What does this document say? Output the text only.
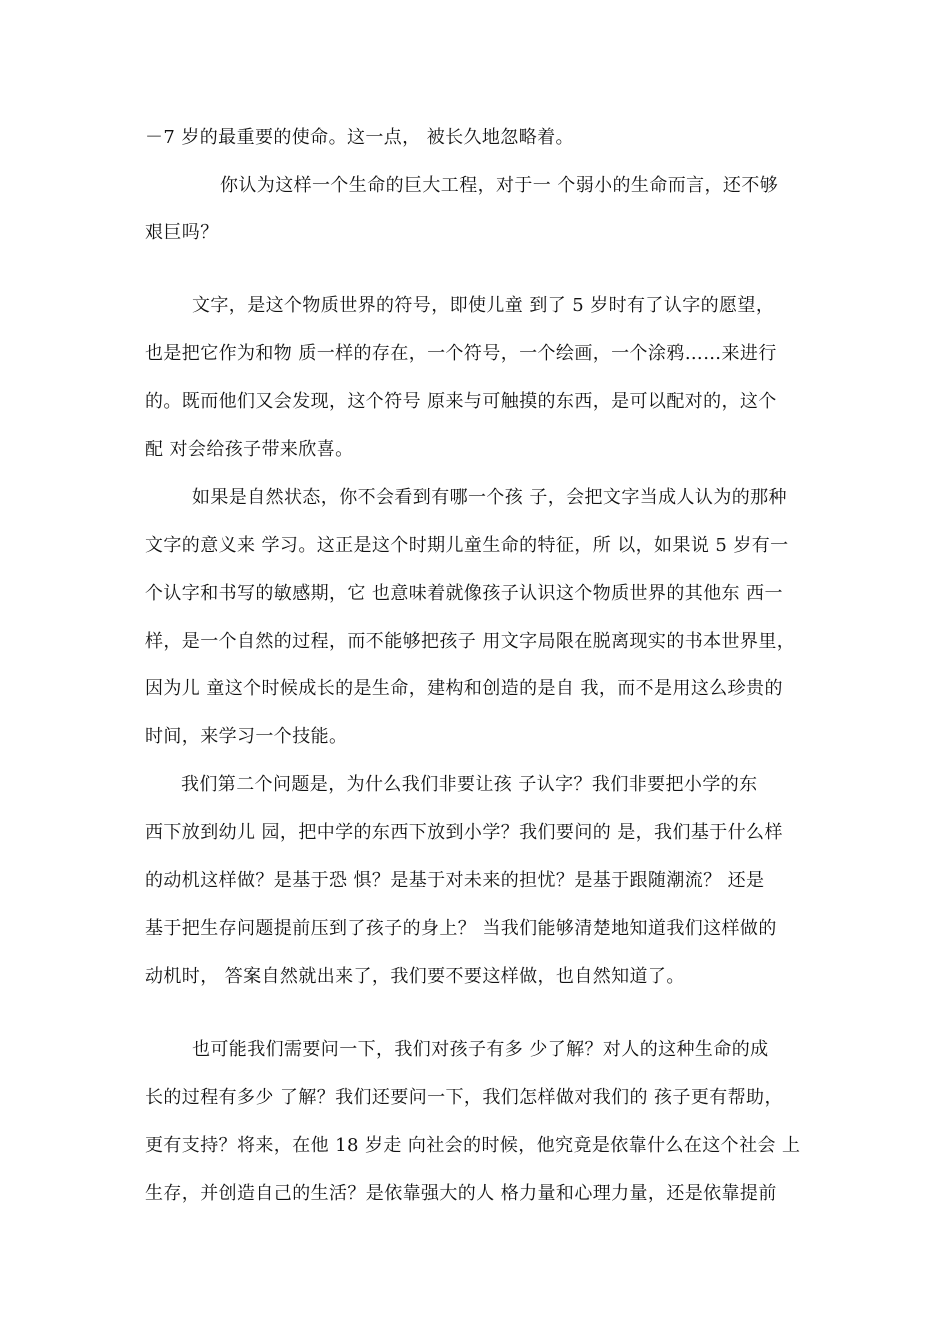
－7 岁的最重要的使命。这一点， 被长久地忽略着。
你认为这样一个生命的巨大工程，对于一 个弱小的生命而言，还不够
艰巨吗？
文字，是这个物质世界的符号，即使儿童 到了 5 岁时有了认字的愿望，
也是把它作为和物 质一样的存在，一个符号，一个绘画，一个涂鸦……来进行
的。既而他们又会发现，这个符号 原来与可触摸的东西，是可以配对的，这个
配 对会给孩子带来欣喜。
如果是自然状态，你不会看到有哪一个孩 子，会把文字当成人认为的那种
文字的意义来 学习。这正是这个时期儿童生命的特征，所 以，如果说 5 岁有一
个认字和书写的敏感期，它 也意味着就像孩子认识这个物质世界的其他东 西一
样，是一个自然的过程，而不能够把孩子 用文字局限在脱离现实的书本世界里，
因为儿 童这个时候成长的是生命，建构和创造的是自 我，而不是用这么珍贵的
时间，来学习一个技能。
我们第二个问题是，为什么我们非要让孩 子认字？我们非要把小学的东
西下放到幼儿 园，把中学的东西下放到小学？我们要问的 是，我们基于什么样
的动机这样做？是基于恐 惧？是基于对未来的担忧？是基于跟随潮流？ 还是
基于把生存问题提前压到了孩子的身上？ 当我们能够清楚地知道我们这样做的
动机时， 答案自然就出来了，我们要不要这样做，也自然知道了。
也可能我们需要问一下，我们对孩子有多 少了解？对人的这种生命的成
长的过程有多少 了解？我们还要问一下，我们怎样做对我们的 孩子更有帮助，
更有支持？将来，在他 18 岁走 向社会的时候，他究竟是依靠什么在这个社会 上
生存，并创造自己的生活？是依靠强大的人 格力量和心理力量，还是依靠提前
